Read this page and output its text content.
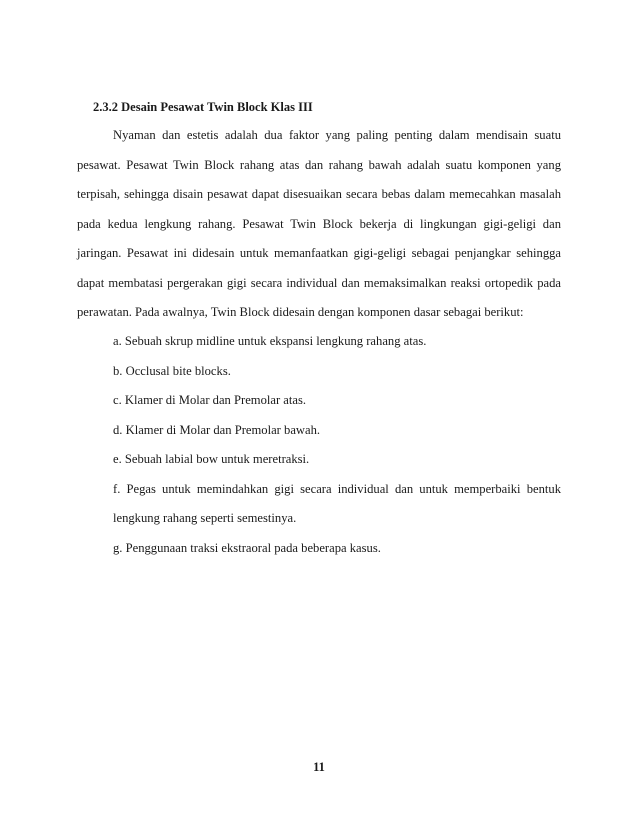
2.3.2 Desain Pesawat Twin Block Klas III

Nyaman dan estetis adalah dua faktor yang paling penting dalam mendisain suatu pesawat. Pesawat Twin Block rahang atas dan rahang bawah adalah suatu komponen yang terpisah, sehingga disain pesawat dapat disesuaikan secara bebas dalam memecahkan masalah pada kedua lengkung rahang. Pesawat Twin Block bekerja di lingkungan gigi-geligi dan jaringan. Pesawat ini didesain untuk memanfaatkan gigi-geligi sebagai penjangkar sehingga dapat membatasi pergerakan gigi secara individual dan memaksimalkan reaksi ortopedik pada perawatan. Pada awalnya, Twin Block didesain dengan komponen dasar sebagai berikut:

a. Sebuah skrup midline untuk ekspansi lengkung rahang atas.
b. Occlusal bite blocks.
c. Klamer di Molar dan Premolar atas.
d. Klamer di Molar dan Premolar bawah.
e. Sebuah labial bow untuk meretraksi.
f. Pegas untuk memindahkan gigi secara individual dan untuk memperbaiki bentuk lengkung rahang seperti semestinya.
g. Penggunaan traksi ekstraoral pada beberapa kasus.

11
